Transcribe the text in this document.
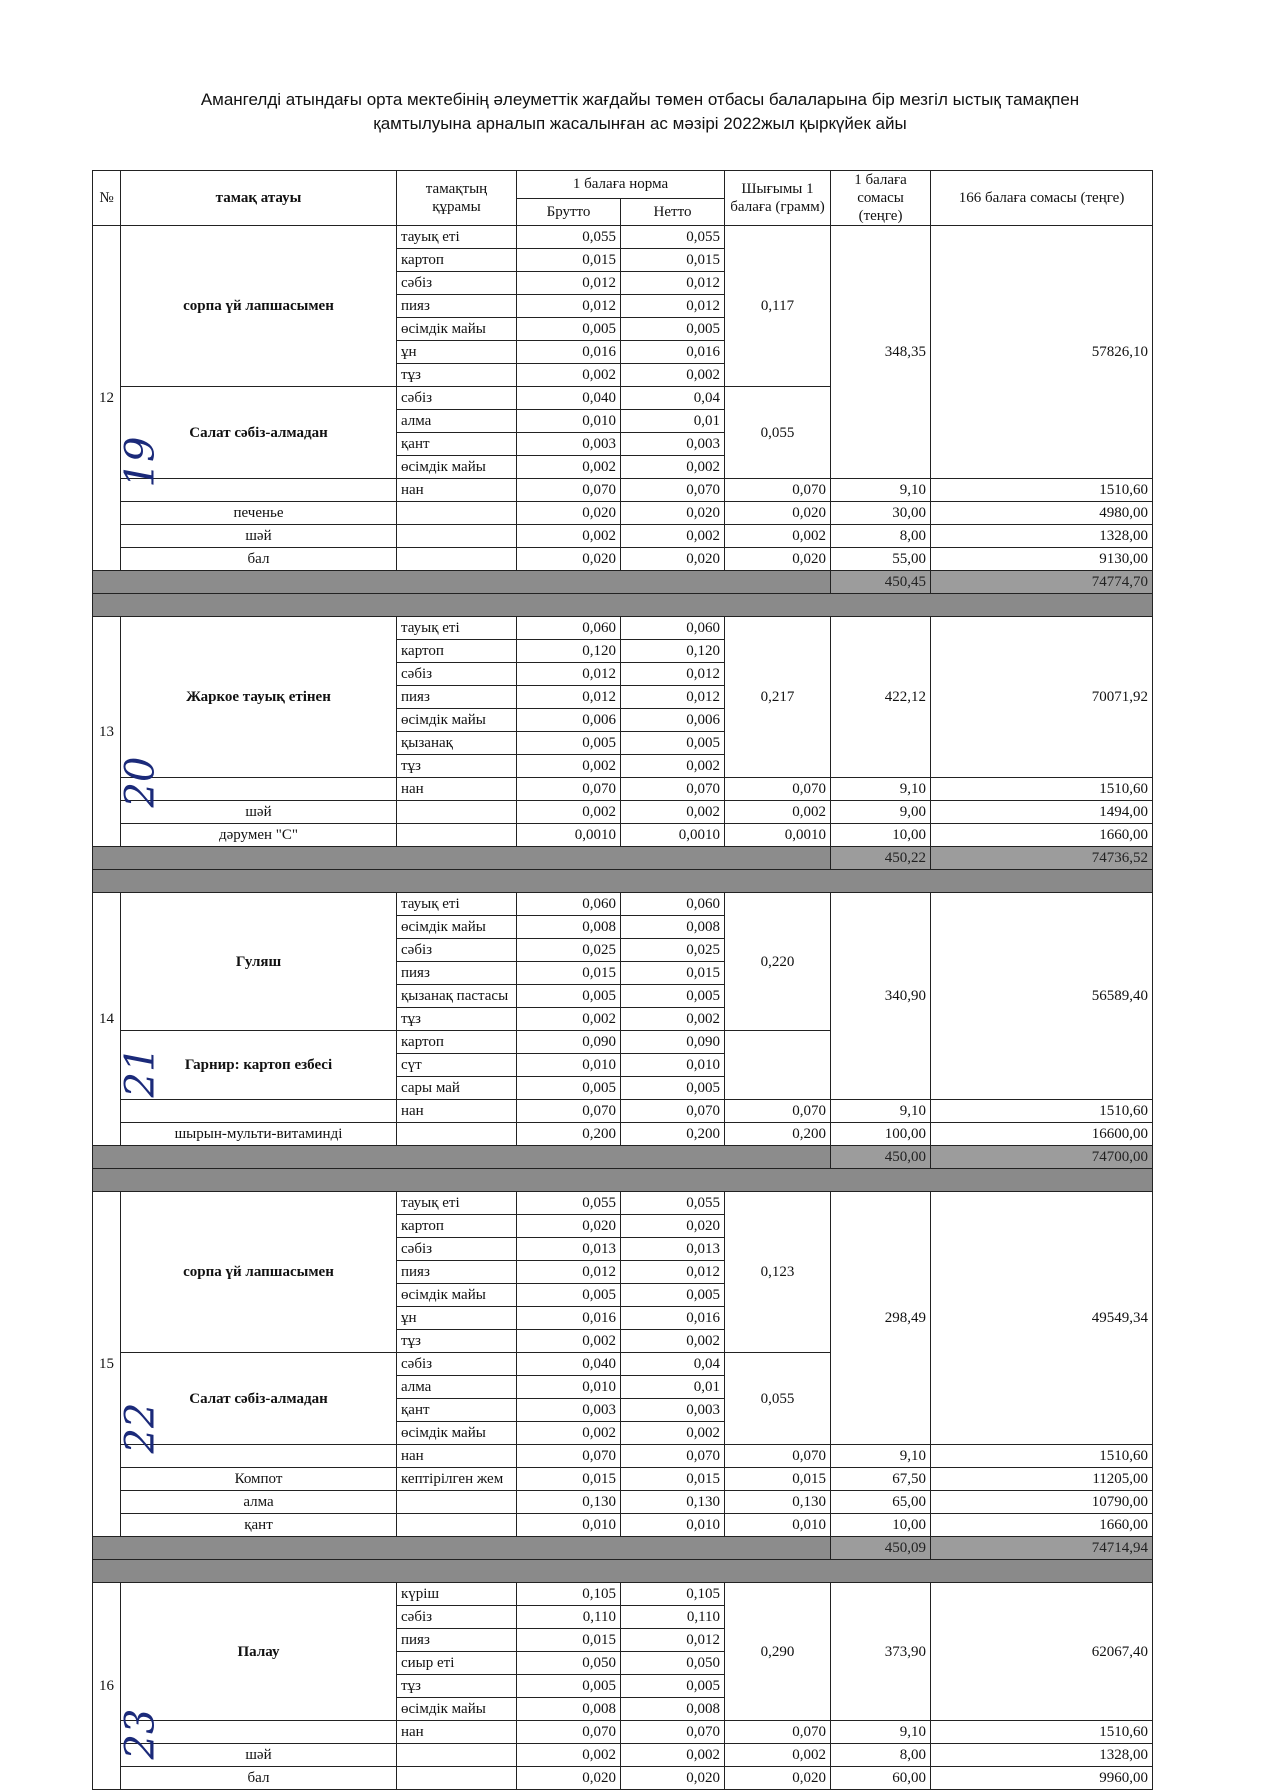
Амангелді атындағы орта мектебінің әлеуметтік жағдайы төмен отбасы балаларына бір мезгіл ыстық тамақпен
қамтылуына арналып жасалынған ас мәзірі 2022жыл қыркүйек айы
№	тамақ атауы	тамақтың құрамы	1 балаға норма		Шығымы 1 балаға (грамм)	1 балаға сомасы (теңге)	166 балаға сомасы (теңге)
			Брутто	Нетто			
12	сорпа үй лапшасымен	тауық еті	0,055	0,055	0,117	348,35	57826,10
		картоп	0,015	0,015			
		сәбіз	0,012	0,012			
		пияз	0,012	0,012			
		өсімдік майы	0,005	0,005			
		ұн	0,016	0,016			
		тұз	0,002	0,002			
	Салат сәбіз-алмадан	сәбіз	0,040	0,04	0,055		
		алма	0,010	0,01			
		қант	0,003	0,003			
		өсімдік майы	0,002	0,002			
		нан	0,070	0,070	0,070	9,10	1510,60
	печенье		0,020	0,020	0,020	30,00	4980,00
	шәй		0,002	0,002	0,002	8,00	1328,00
	бал		0,020	0,020	0,020	55,00	9130,00
						450,45	74774,70

13	Жаркое тауық етінен	тауық еті	0,060	0,060	0,217	422,12	70071,92
		картоп	0,120	0,120			
		сәбіз	0,012	0,012			
		пияз	0,012	0,012			
		өсімдік майы	0,006	0,006			
		қызанақ	0,005	0,005			
		тұз	0,002	0,002			
		нан	0,070	0,070	0,070	9,10	1510,60
	шәй		0,002	0,002	0,002	9,00	1494,00
	дәрумен "С"		0,0010	0,0010	0,0010	10,00	1660,00
						450,22	74736,52

14	Гуляш	тауық еті	0,060	0,060	0,220	340,90	56589,40
		өсімдік майы	0,008	0,008			
		сәбіз	0,025	0,025			
		пияз	0,015	0,015			
		қызанақ пастасы	0,005	0,005			
		тұз	0,002	0,002			
	Гарнир: картоп езбесі	картоп	0,090	0,090			
		сүт	0,010	0,010			
		сары май	0,005	0,005			
		нан	0,070	0,070	0,070	9,10	1510,60
	шырын-мульти-витаминді		0,200	0,200	0,200	100,00	16600,00
						450,00	74700,00

15	сорпа үй лапшасымен	тауық еті	0,055	0,055	0,123	298,49	49549,34
		картоп	0,020	0,020			
		сәбіз	0,013	0,013			
		пияз	0,012	0,012			
		өсімдік майы	0,005	0,005			
		ұн	0,016	0,016			
		тұз	0,002	0,002			
	Салат сәбіз-алмадан	сәбіз	0,040	0,04	0,055		
		алма	0,010	0,01			
		қант	0,003	0,003			
		өсімдік майы	0,002	0,002			
		нан	0,070	0,070	0,070	9,10	1510,60
	Компот	кептірілген жем	0,015	0,015	0,015	67,50	11205,00
	алма		0,130	0,130	0,130	65,00	10790,00
	қант		0,010	0,010	0,010	10,00	1660,00
						450,09	74714,94

16	Палау	күріш	0,105	0,105	0,290	373,90	62067,40
		сәбіз	0,110	0,110			
		пияз	0,015	0,012			
		сиыр еті	0,050	0,050			
		тұз	0,005	0,005			
		өсімдік майы	0,008	0,008			
		нан	0,070	0,070	0,070	9,10	1510,60
	шәй		0,002	0,002	0,002	8,00	1328,00
	бал		0,020	0,020	0,020	60,00	9960,00
19
20
21
22
23
